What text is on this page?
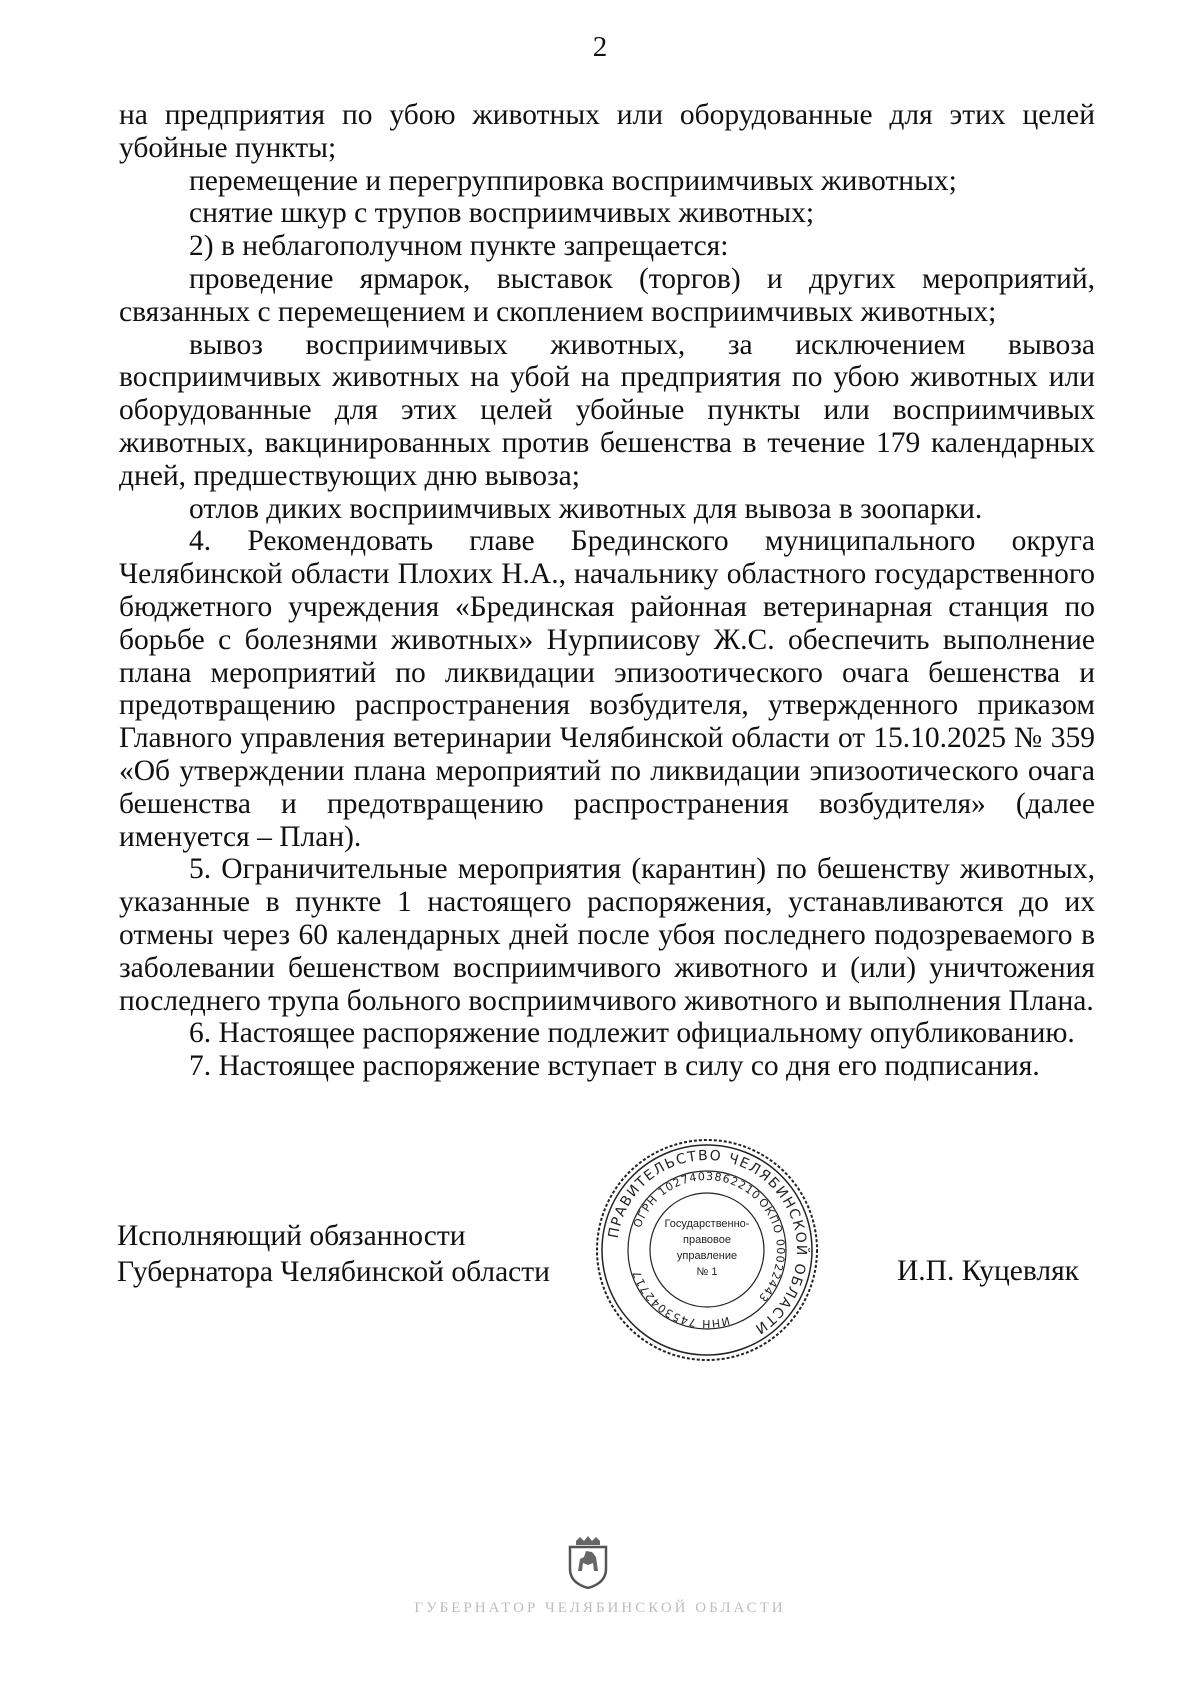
2

на предприятия по убою животных или оборудованные для этих целей убойные пункты;

перемещение и перегруппировка восприимчивых животных;

снятие шкур с трупов восприимчивых животных;

2) в неблагополучном пункте запрещается:

проведение ярмарок, выставок (торгов) и других мероприятий, связанных с перемещением и скоплением восприимчивых животных;

вывоз восприимчивых животных, за исключением вывоза восприимчивых животных на убой на предприятия по убою животных или оборудованные для этих целей убойные пункты или восприимчивых животных, вакцинированных против бешенства в течение 179 календарных дней, предшествующих дню вывоза;

отлов диких восприимчивых животных для вывоза в зоопарки.

4. Рекомендовать главе Брединского муниципального округа Челябинской области Плохих Н.А., начальнику областного государственного бюджетного учреждения «Брединская районная ветеринарная станция по борьбе с болезнями животных» Нурпиисову Ж.С. обеспечить выполнение плана мероприятий по ликвидации эпизоотического очага бешенства и предотвращению распространения возбудителя, утвержденного приказом Главного управления ветеринарии Челябинской области от 15.10.2025 № 359 «Об утверждении плана мероприятий по ликвидации эпизоотического очага бешенства и предотвращению распространения возбудителя» (далее именуется – План).

5. Ограничительные мероприятия (карантин) по бешенству животных, указанные в пункте 1 настоящего распоряжения, устанавливаются до их отмены через 60 календарных дней после убоя последнего подозреваемого в заболевании бешенством восприимчивого животного и (или) уничтожения последнего трупа больного восприимчивого животного и выполнения Плана.

6. Настоящее распоряжение подлежит официальному опубликованию.

7. Настоящее распоряжение вступает в силу со дня его подписания.

Исполняющий обязанности
Губернатора Челябинской области
ПРАВИТЕЛЬСТВО ЧЕЛЯБИНСКОЙ ОБЛАСТИ
ОГРН 1027403862210
ОКПО 00022443
ИНН 7453042717
Государственно-
правовое
управление
№ 1	И.П. Куцевляк
ГУБЕРНАТОР ЧЕЛЯБИНСКОЙ ОБЛАСТИ
